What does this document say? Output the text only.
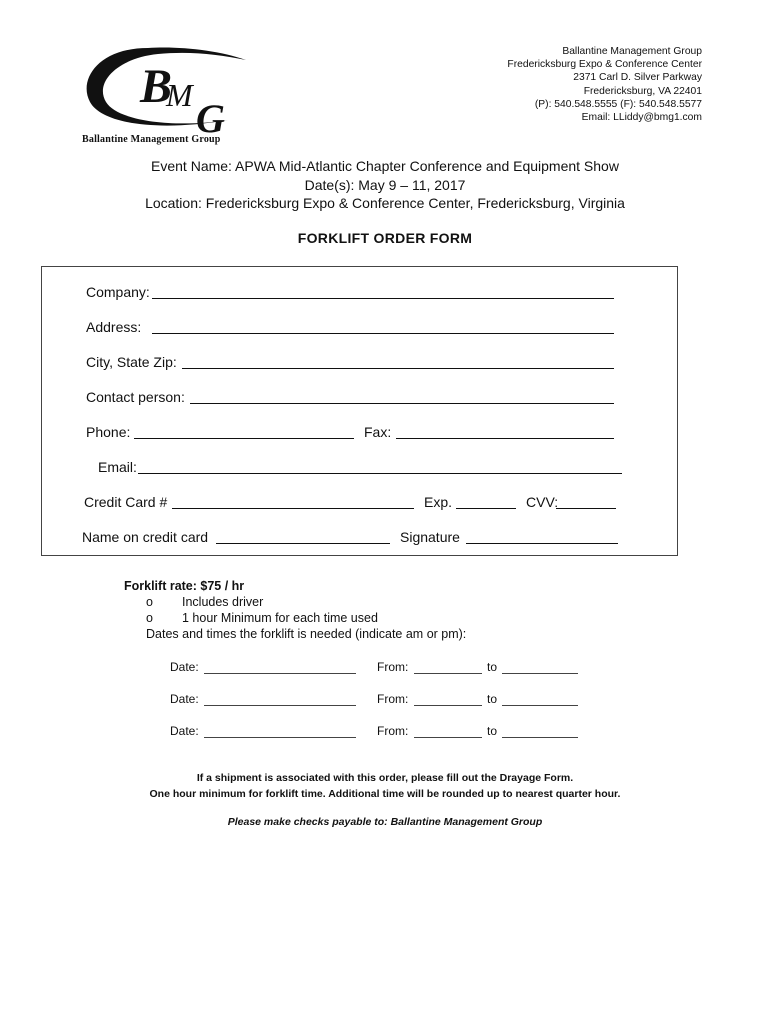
B
M
G
Ballantine Management Group
Ballantine Management Group
Fredericksburg Expo & Conference Center
2371 Carl D. Silver Parkway
Fredericksburg, VA 22401
(P): 540.548.5555 (F): 540.548.5577
Email: LLiddy@bmg1.com
Event Name: APWA Mid-Atlantic Chapter Conference and Equipment Show
Date(s): May 9 – 11, 2017
Location: Fredericksburg Expo & Conference Center, Fredericksburg, Virginia
FORKLIFT ORDER FORM
Company:
Address:
City, State Zip:
Contact person:
Phone:	Fax:
Email:
Credit Card #	Exp.	CVV:
Name on credit card	Signature
Forklift rate: $75 / hr
o Includes driver
o 1 hour Minimum for each time used
Dates and times the forklift is needed (indicate am or pm):
Date:	From:	to
Date:	From:	to
Date:	From:	to
If a shipment is associated with this order, please fill out the Drayage Form.
One hour minimum for forklift time. Additional time will be rounded up to nearest quarter hour.
Please make checks payable to: Ballantine Management Group
